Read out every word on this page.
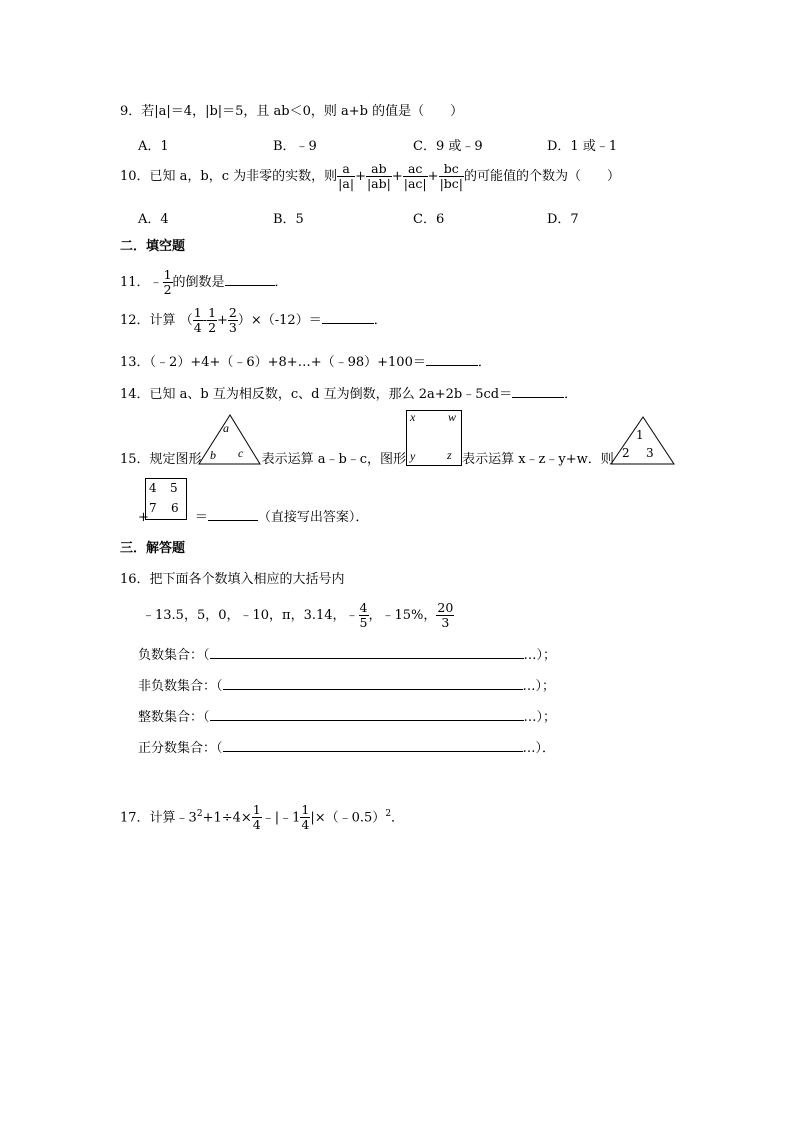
9．若|a|＝4，|b|＝5，且 ab＜0，则 a+b 的值是（　　）
A．1	B．﹣9	C．9 或﹣9	D．1 或﹣1
10．已知 a，b，c 为非零的实数，则 $\frac{a}{|a|} + \frac{ab}{|ab|} + \frac{ac}{|ac|} + \frac{bc}{|bc|}$ 的可能值的个数为（　　）
A．4	B．5	C．6	D．7
二．填空题
11．﹣ $\frac{1}{2}$ 的倒数是	．
12．计算 （ $\frac{1}{4} - \frac{1}{2} + \frac{2}{3} )\times(-12)=$	．
13．（﹣2）+4+（﹣6）+8+…+（﹣98）+100＝	．
14．已知 a、b 互为相反数，c、d 互为倒数，那么 2a+2b﹣5cd＝	．
15．规定图形	表示运算 a﹣b﹣c，图形	表示运算 x﹣z﹣y+w．则
a
b c
x	w
y	z
1
2 3
+	＝	（直接写出答案）．
4 5
7 6
三．解答题
16．把下面各个数填入相应的大括号内
﹣13.5，5，0，﹣10，π，3.14，﹣ $\frac{4}{5}$ ，﹣15%， $\frac{20}{3}$
负数集合：（	…）；
非负数集合：（	…）；
整数集合：（	…）；
正分数集合：（	…）．
17．计算$﹣3^2+1\div 4\times \frac{1}{4}$ ﹣|﹣1 $\frac{1}{4}$ |×（﹣0.5）$^2$．
